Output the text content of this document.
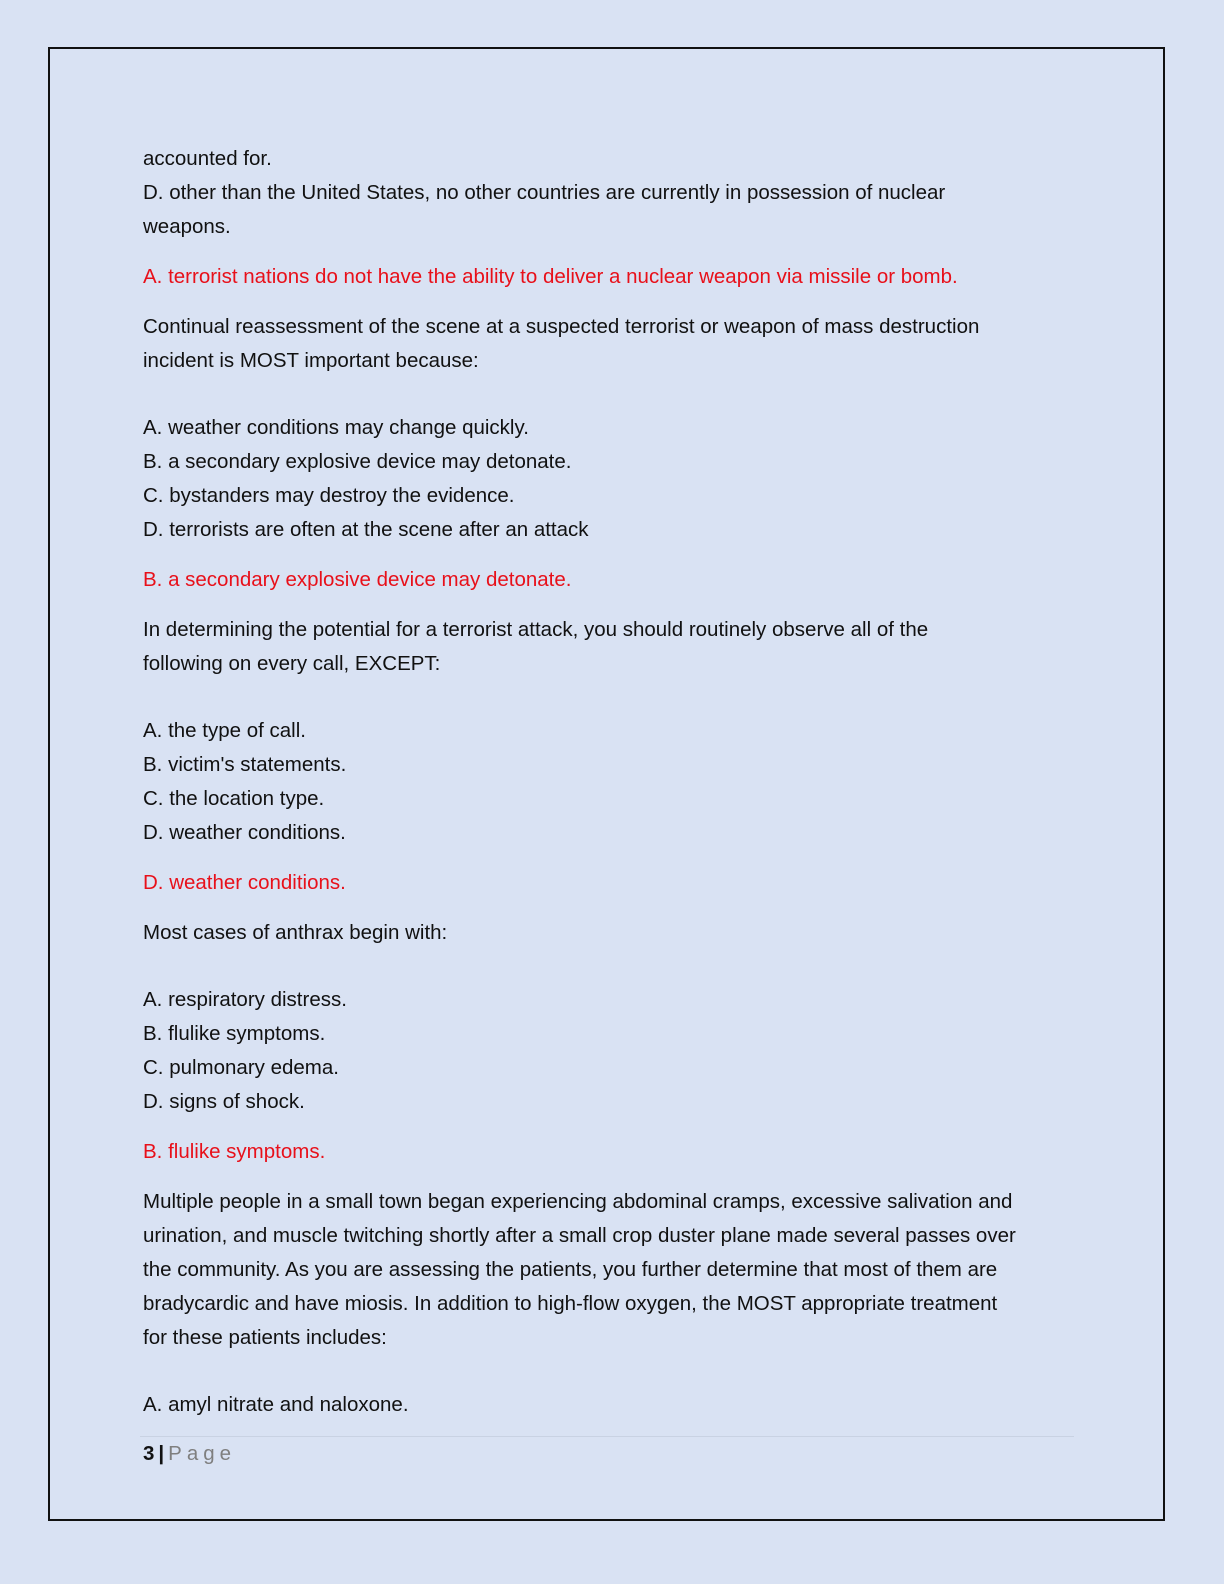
accounted for.
D. other than the United States, no other countries are currently in possession of nuclear
weapons.
A. terrorist nations do not have the ability to deliver a nuclear weapon via missile or bomb.
Continual reassessment of the scene at a suspected terrorist or weapon of mass destruction
incident is MOST important because:
A. weather conditions may change quickly.
B. a secondary explosive device may detonate.
C. bystanders may destroy the evidence.
D. terrorists are often at the scene after an attack
B. a secondary explosive device may detonate.
In determining the potential for a terrorist attack, you should routinely observe all of the
following on every call, EXCEPT:
A. the type of call.
B. victim's statements.
C. the location type.
D. weather conditions.
D. weather conditions.
Most cases of anthrax begin with:
A. respiratory distress.
B. flulike symptoms.
C. pulmonary edema.
D. signs of shock.
B. flulike symptoms.
Multiple people in a small town began experiencing abdominal cramps, excessive salivation and
urination, and muscle twitching shortly after a small crop duster plane made several passes over
the community. As you are assessing the patients, you further determine that most of them are
bradycardic and have miosis. In addition to high-flow oxygen, the MOST appropriate treatment
for these patients includes:
A. amyl nitrate and naloxone.
3 | Page
